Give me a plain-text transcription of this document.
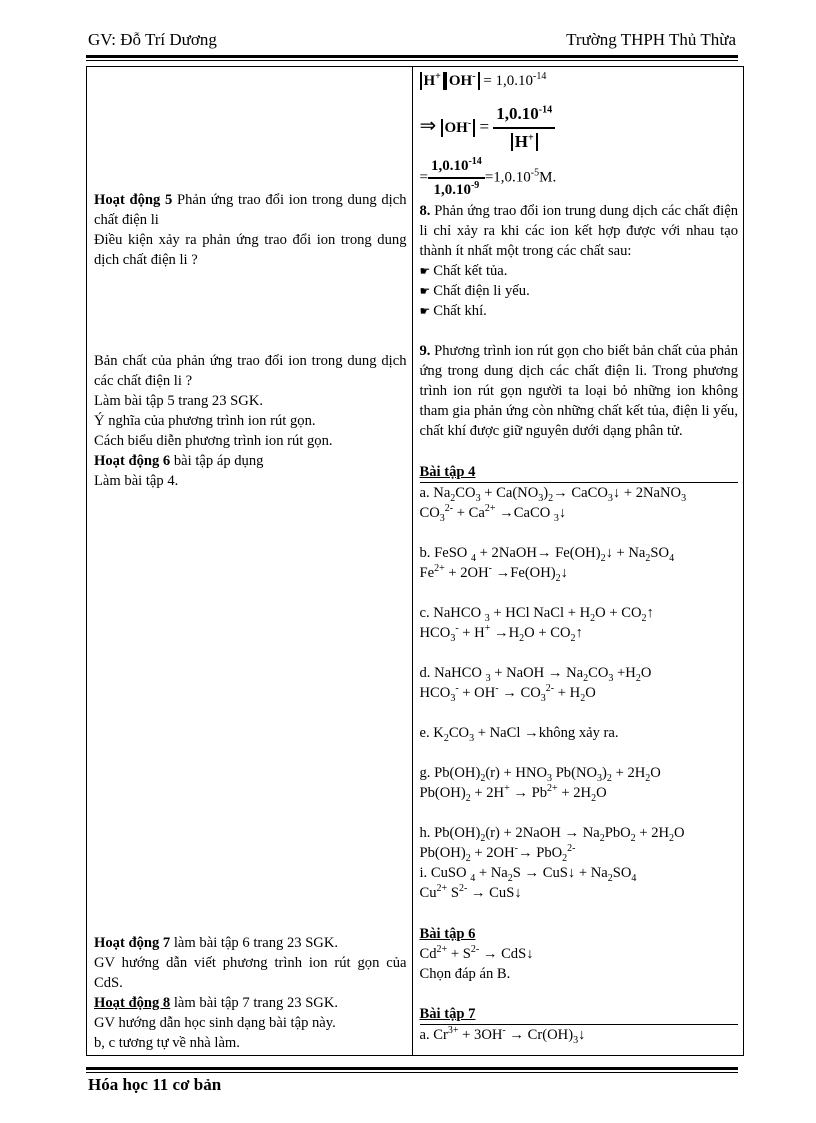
GV: Đỗ Trí Dương	Trường THPH Thủ Thừa
Hoạt động 5 Phản ứng trao đổi ion trong dung dịch chất điện li
Điều kiện xảy ra phản ứng trao đổi ion trong dung dịch chất điện li ?
Bản chất của phản ứng trao đổi ion trong dung dịch các chất điện li ?
Làm bài tập 5 trang 23 SGK.
Ý nghĩa của phương trình ion rút gọn.
Cách biểu diễn phương trình ion rút gọn.
Hoạt động 6 bài tập áp dụng
Làm bài tập 4.
Hoạt động 7 làm bài tập 6 trang 23 SGK.
GV hướng dẫn viết phương trình ion rút gọn của CdS.
Hoạt động 8 làm bài tập 7 trang 23 SGK.
GV hướng dẫn học sinh dạng bài tập này.
b, c tương tự về nhà làm.

H+ $OH^- = 1,0.10^{-14}$
⇒ $OH^- = \frac{1,0.10^{-14}}{H^+}$
= $\frac{1,0.10^{-14}}{1,0.10^{-9}} =1,0.10^{-5}M$.
8. Phản ứng trao đổi ion trung dung dịch các chất điện li chỉ xảy ra khi các ion kết hợp được với nhau tạo thành ít nhất một trong các chất sau:
☛ Chất kết tủa.
☛ Chất điện li yếu.
☛ Chất khí.
9. Phương trình ion rút gọn cho biết bản chất của phản ứng trong dung dịch các chất điện li. Trong phương trình ion rút gọn người ta loại bỏ những ion không tham gia phản ứng còn những chất kết tủa, điện li yếu, chất khí được giữ nguyên dưới dạng phân tử.
Bài tập 4
a. $Na_2CO_3 + Ca(NO_3)_2\to$ CaCO$_3$↓ + 2NaNO$_3$
$CO_3^{2-} + Ca^{2+}$ →CaCO $_3$↓
b. FeSO $_4$ + 2NaOH→ $Fe(OH)_2↓ + Na_2SO_4$
$Fe^{2+} + 2OH^-$ $\to Fe(OH)_2↓$
c. NaHCO $_3$ + HCl NaCl + $H_2O$ + $CO_2↑$
$HCO_3^- + H^+ \to H_2O$ + $CO_2↑$
d. NaHCO $_3$ + NaOH → $Na_2CO_3 +H_2O$
$HCO_3^- + OH^- \to CO_3^{2-} + H_2O$
e. $K_2CO_3$ + NaCl →không xảy ra.
g. $Pb(OH)_2(r) + HNO_3$ $Pb(NO_3)_2 + 2H_2O$
$Pb(OH)_2 + 2H^+ \to Pb^{2+} + 2H_2O$
h. $Pb(OH)_2(r)$ + 2NaOH → $Na_2PbO_2 + 2H_2O$
$Pb(OH)_2 + 2OH^-\to PbO_2^{2-}$
i. CuSO $_4 + Na_2S$ → CuS↓ + $Na_2SO_4$
$Cu^{2+}$ $S^{2-}$ → CuS↓
Bài tập 6
$Cd^{2+} + S^{2-}$ → CdS↓
Chọn đáp án B.
Bài tập 7
a. $Cr^{3+} + 3OH^-$ → $Cr(OH)_3↓$
Hóa học 11 cơ bản
